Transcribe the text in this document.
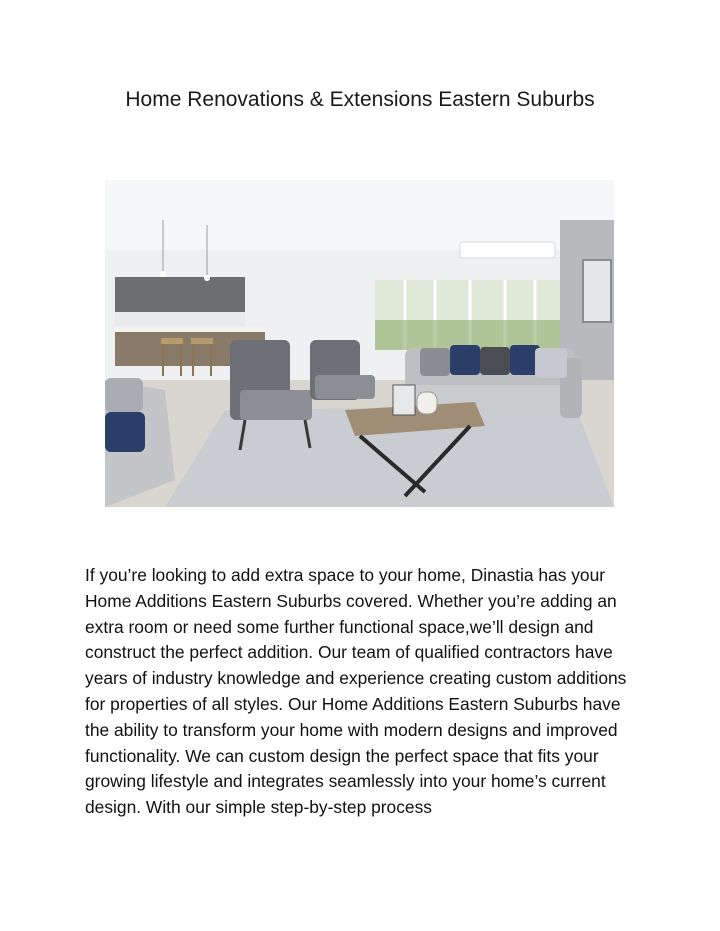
Home Renovations & Extensions Eastern Suburbs

If you’re looking to add extra space to your home, Dinastia has your Home Additions Eastern Suburbs covered. Whether you’re adding an extra room or need some further functional space,we’ll design and construct the perfect addition. Our team of qualified contractors have years of industry knowledge and experience creating custom additions for properties of all styles. Our Home Additions Eastern Suburbs have the ability to transform your home with modern designs and improved functionality. We can custom design the perfect space that fits your growing lifestyle and integrates seamlessly into your home’s current design. With our simple step-by-step process
